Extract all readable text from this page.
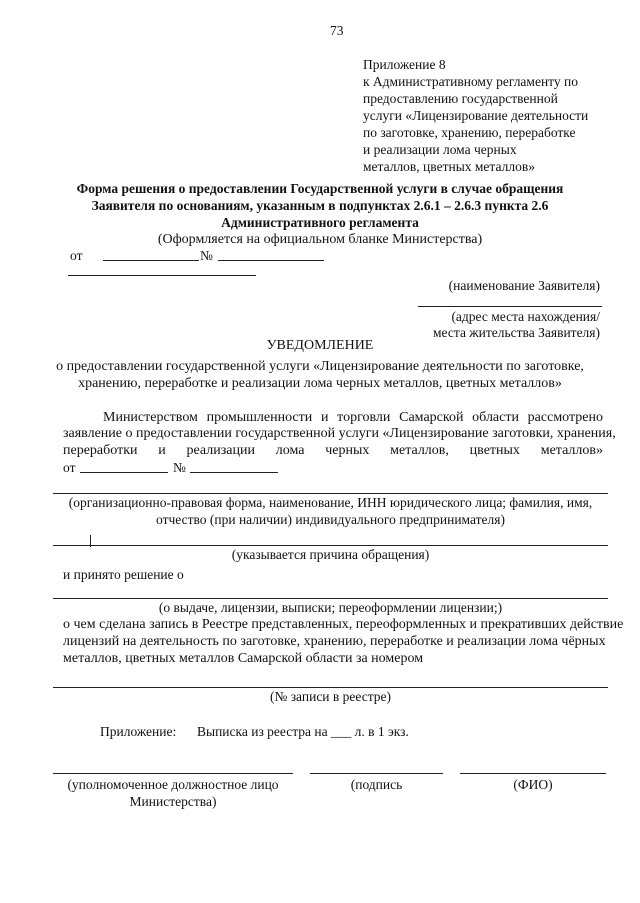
73
Приложение 8
к Административному регламенту по
предоставлению государственной
услуги «Лицензирование деятельности
по заготовке, хранению, переработке
и реализации лома черных
металлов, цветных металлов»
Форма решения о предоставлении Государственной услуги в случае обращения
Заявителя по основаниям, указанным в подпунктах 2.6.1 – 2.6.3 пункта 2.6
Административного регламента
(Оформляется на официальном бланке Министерства)
от	№
(наименование Заявителя)
(адрес места нахождения/
места жительства Заявителя)
УВЕДОМЛЕНИЕ
о предоставлении государственной услуги «Лицензирование деятельности по заготовке,
хранению, переработке и реализации лома черных металлов, цветных металлов»
Министерством промышленности и торговли Самарской области рассмотрено
заявление о предоставлении государственной услуги «Лицензирование заготовки, хранения,
переработки и реализации лома черных металлов, цветных металлов»
от	№
(организационно-правовая форма, наименование, ИНН юридического лица; фамилия, имя,
отчество (при наличии) индивидуального предпринимателя)
(указывается причина обращения)
и принято решение о
(о выдаче, лицензии, выписки; переоформлении лицензии;)
о чем сделана запись в Реестре представленных, переоформленных и прекративших действие
лицензий на деятельность по заготовке, хранению, переработке и реализации лома чёрных
металлов, цветных металлов Самарской области за номером
(№ записи в реестре)
Приложение: Выписка из реестра на ___ л. в 1 экз.
(уполномоченное должностное лицо
Министерства)
(подпись	(ФИО)
